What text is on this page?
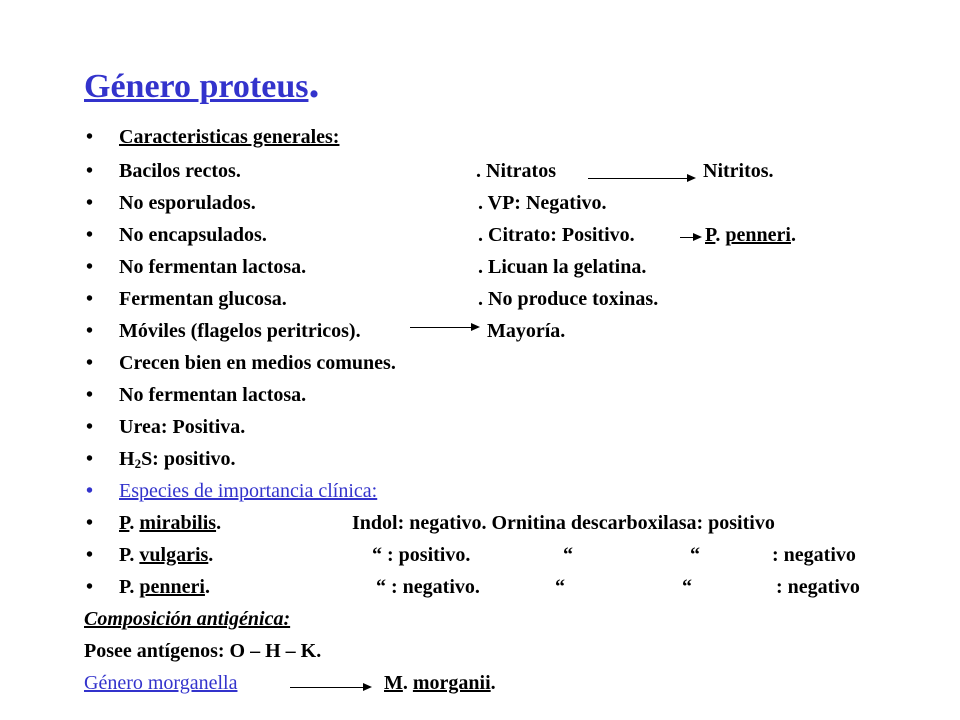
Género proteus.
• Caracteristicas generales:
• Bacilos rectos.	. Nitratos	Nitritos.
• No esporulados.	. VP: Negativo.
• No encapsulados.	. Citrato: Positivo.	P. penneri.
• No fermentan lactosa.	. Licuan la gelatina.
• Fermentan glucosa.	. No produce toxinas.
• Móviles (flagelos peritricos).	Mayoría.
• Crecen bien en medios comunes.
• No fermentan lactosa.
• Urea: Positiva.
• $H_2S$: positivo.
• Especies de importancia clínica:
• P. mirabilis.	Indol: negativo. Ornitina descarboxilasa: positivo
• P. vulgaris.	“ : positivo.	“	“	: negativo
• P. penneri.	“ : negativo.	“	“	: negativo
Composición antigénica:
Posee antígenos: O – H – K.
Género morganella	M. morganii.
